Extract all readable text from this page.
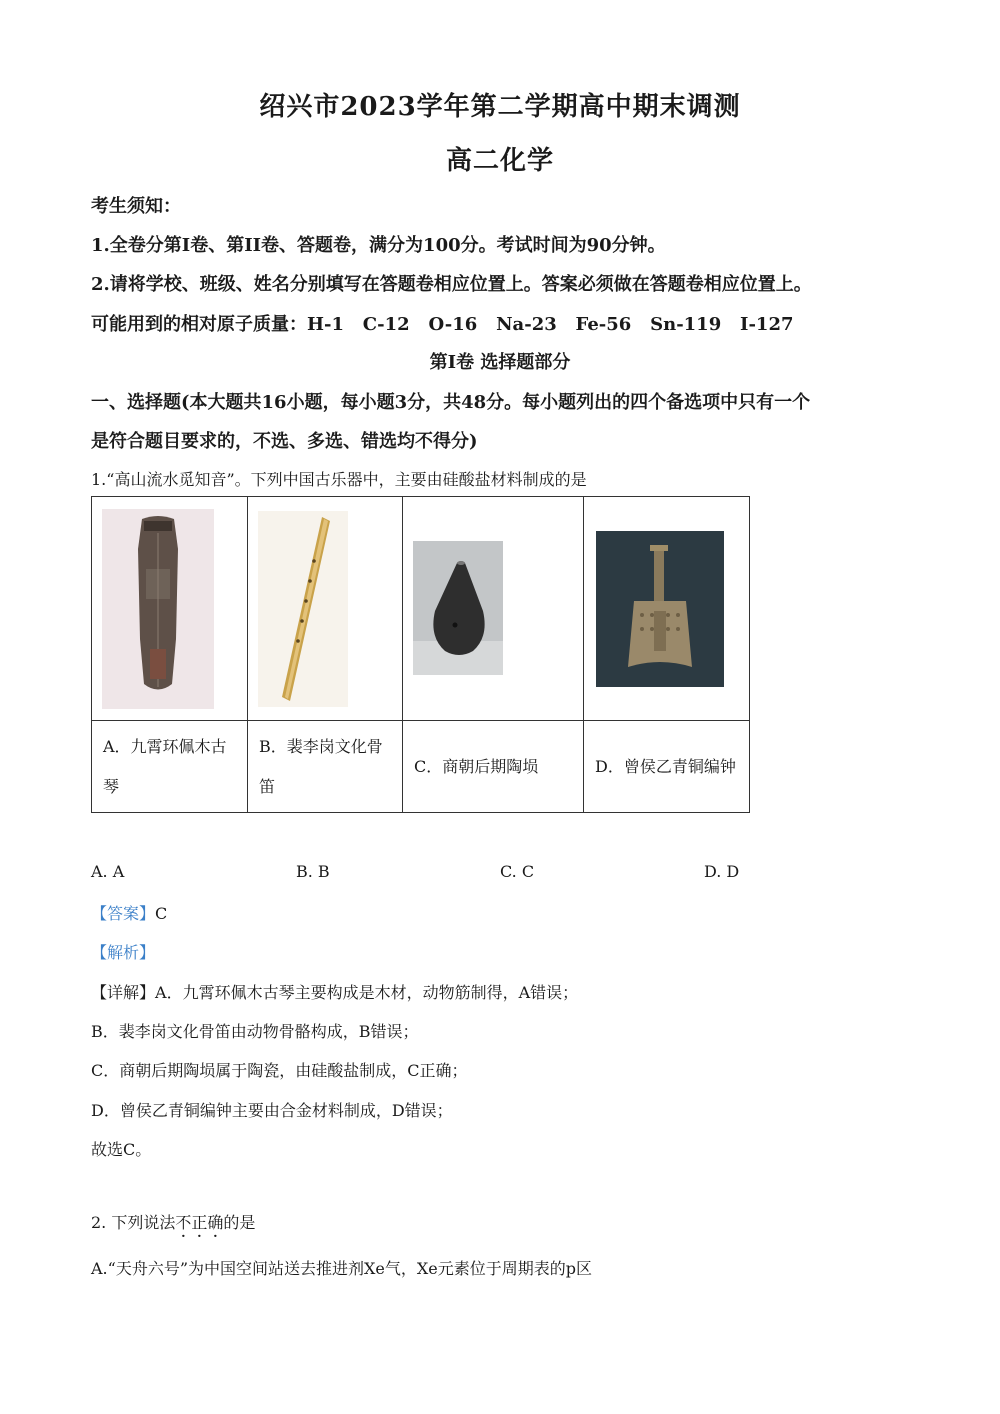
绍兴市2023学年第二学期高中期末调测
高二化学
考生须知：
1.全卷分第I卷、第II卷、答题卷，满分为100分。考试时间为90分钟。
2.请将学校、班级、姓名分别填写在答题卷相应位置上。答案必须做在答题卷相应位置上。
可能用到的相对原子质量：H-1   C-12   O-16   Na-23   Fe-56   Sn-119   I-127
第I卷 选择题部分
一、选择题(本大题共16小题，每小题3分，共48分。每小题列出的四个备选项中只有一个
是符合题目要求的，不选、多选、错选均不得分)
1.“高山流水觅知音”。下列中国古乐器中，主要由硅酸盐材料制成的是

A．九霄环佩木古琴	B．裴李岗文化骨笛	C．商朝后期陶埙	D．曾侯乙青铜编钟
A. A	B. B	C. C	D. D
【答案】C
【解析】
【详解】A．九霄环佩木古琴主要构成是木材，动物筋制得，A错误；
B．裴李岗文化骨笛由动物骨骼构成，B错误；
C．商朝后期陶埙属于陶瓷，由硅酸盐制成，C正确；
D．曾侯乙青铜编钟主要由合金材料制成，D错误；
故选C。
2. 下列说法不正确的是
A.“天舟六号”为中国空间站送去推进剂Xe气，Xe元素位于周期表的p区
